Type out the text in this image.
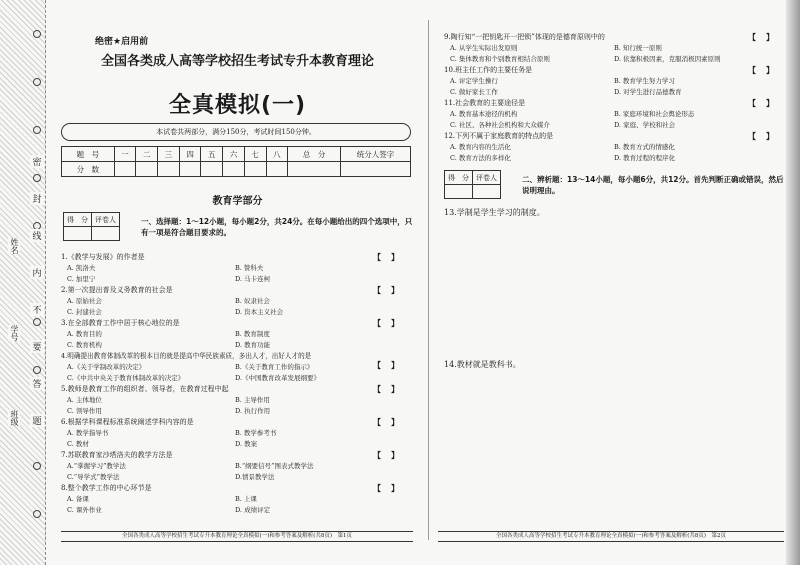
密
封
线
内
不
要
答
题
姓名
学号
班级
绝密★启用前
全国各类成人高等学校招生考试专升本教育理论
全真模拟(一)
本试卷共两部分，满分150分，考试时间150分钟。
题　号	一	二	三	四	五	六	七	八	总　分	统分人签字
分　数										
教育学部分
得　分	评卷人
		一、选择题：1～12小题，每小题2分，共24分。在每小题给出的四个选项中，只有一项是符合题目要求的。
1.《教学与发展》的作者是	【】
A. 凯洛夫	B. 赞科夫
C. 加里宁	D. 马卡连柯
2.第一次提出普及义务教育的社会是	【】
A. 原始社会	B. 奴隶社会
C. 封建社会	D. 资本主义社会
3.在全部教育工作中居于核心地位的是	【】
A. 教育目的	B. 教育制度
C. 教育机构	D. 教育功能
4.明确提出教育体制改革的根本目的就是提高中华民族素质，多出人才，出好人才的是
【】
A.《关于学制改革的决定》	B.《关于教育工作的指示》
C.《中共中央关于教育体制改革的决定》	D.《中国教育改革发展纲要》
5.教师是教育工作的组织者、领导者，在教育过程中起	【】
A. 主体地位	B. 主导作用
C. 领导作用	D. 执行作用
6.根据学科课程标准系统阐述学科内容的是	【】
A. 教学指导书	B. 教学参考书
C. 教材	D. 教案
7.苏联教育家沙塔洛夫的教学方法是	【】
A.“掌握学习”教学法	B.“纲要信号”图表式教学法
C.“导学式”教学法	D.情景教学法
8.整个教学工作的中心环节是	【】
A. 备课	B. 上课
C. 课外作业	D. 成绩评定
全国各类成人高等学校招生考试专升本教育理论全真模拟(一)和参考答案及解析(共8页)　第1页
9.陶行知“一把钥匙开一把锁”体现的是德育原则中的	【】
A. 从学生实际出发原则	B. 知行统一原则
C. 集体教育和个别教育相结合原则	D. 依靠积极因素，克服消极因素原则
10.班主任工作的主要任务是	【】
A. 评定学生操行	B. 教育学生努力学习
C. 做好家长工作	D. 对学生进行品德教育
11.社会教育的主要途径是	【】
A. 教育基本途径的机构	B. 家庭环境和社会舆论形态
C. 社区、各种社会机构和大众媒介	D. 家庭、学校和社会
12.下列不属于家庭教育的特点的是	【】
A. 教育内容的生活化	B. 教育方式的情感化
C. 教育方法的多样化	D. 教育过程的程序化
得　分	评卷人
		二、辨析题：13～14小题，每小题6分，共12分。首先判断正确或错误，然后说明理由。
13.学制是学生学习的制度。
14.教材就是教科书。
全国各类成人高等学校招生考试专升本教育理论全真模拟(一)和参考答案及解析(共8页)　第2页
